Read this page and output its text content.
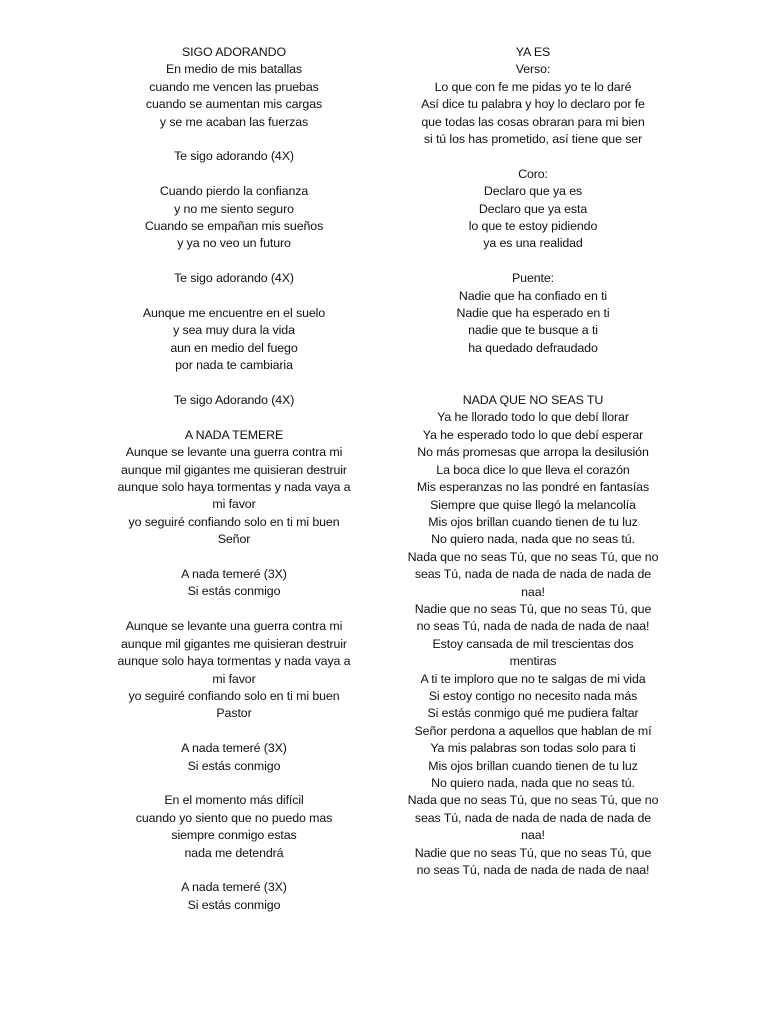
SIGO ADORANDO
En medio de mis batallas
cuando me vencen las pruebas
cuando se aumentan mis cargas
y se me acaban las fuerzas
Te sigo adorando (4X)
Cuando pierdo la confianza
y no me siento seguro
Cuando se empañan mis sueños
y ya no veo un futuro
Te sigo adorando (4X)
Aunque me encuentre en el suelo
y sea muy dura la vida
aun en medio del fuego
por nada te cambiaria
Te sigo Adorando (4X)
A NADA TEMERE
Aunque se levante una guerra contra mi
aunque mil gigantes me quisieran destruir
aunque solo haya tormentas y nada vaya a
mi favor
yo seguiré confiando solo en ti mi buen
Señor
A nada temeré (3X)
Si estás conmigo
Aunque se levante una guerra contra mi
aunque mil gigantes me quisieran destruir
aunque solo haya tormentas y nada vaya a
mi favor
yo seguiré confiando solo en ti mi buen
Pastor
A nada temeré (3X)
Si estás conmigo
En el momento más difícil
cuando yo siento que no puedo mas
siempre conmigo estas
nada me detendrá
A nada temeré (3X)
Si estás conmigo
YA ES
Verso:
Lo que con fe me pidas yo te lo daré
Así dice tu palabra y hoy lo declaro por fe
que todas las cosas obraran para mi bien
si tú los has prometido, así tiene que ser
Coro:
Declaro que ya es
Declaro que ya esta
lo que te estoy pidiendo
ya es una realidad
Puente:
Nadie que ha confiado en ti
Nadie que ha esperado en ti
nadie que te busque a ti
ha quedado defraudado
NADA QUE NO SEAS TU
Ya he llorado todo lo que debí llorar
Ya he esperado todo lo que debí esperar
No más promesas que arropa la desilusión
La boca dice lo que lleva el corazón
Mis esperanzas no las pondré en fantasías
Siempre que quise llegó la melancolía
Mis ojos brillan cuando tienen de tu luz
No quiero nada, nada que no seas tú.
Nada que no seas Tú, que no seas Tú, que no
seas Tú, nada de nada de nada de nada de
naa!
Nadie que no seas Tú, que no seas Tú, que
no seas Tú, nada de nada de nada de naa!
Estoy cansada de mil trescientas dos
mentiras
A ti te imploro que no te salgas de mi vida
Si estoy contigo no necesito nada más
Si estás conmigo qué me pudiera faltar
Señor perdona a aquellos que hablan de mí
Ya mis palabras son todas solo para ti
Mis ojos brillan cuando tienen de tu luz
No quiero nada, nada que no seas tú.
Nada que no seas Tú, que no seas Tú, que no
seas Tú, nada de nada de nada de nada de
naa!
Nadie que no seas Tú, que no seas Tú, que
no seas Tú, nada de nada de nada de naa!
